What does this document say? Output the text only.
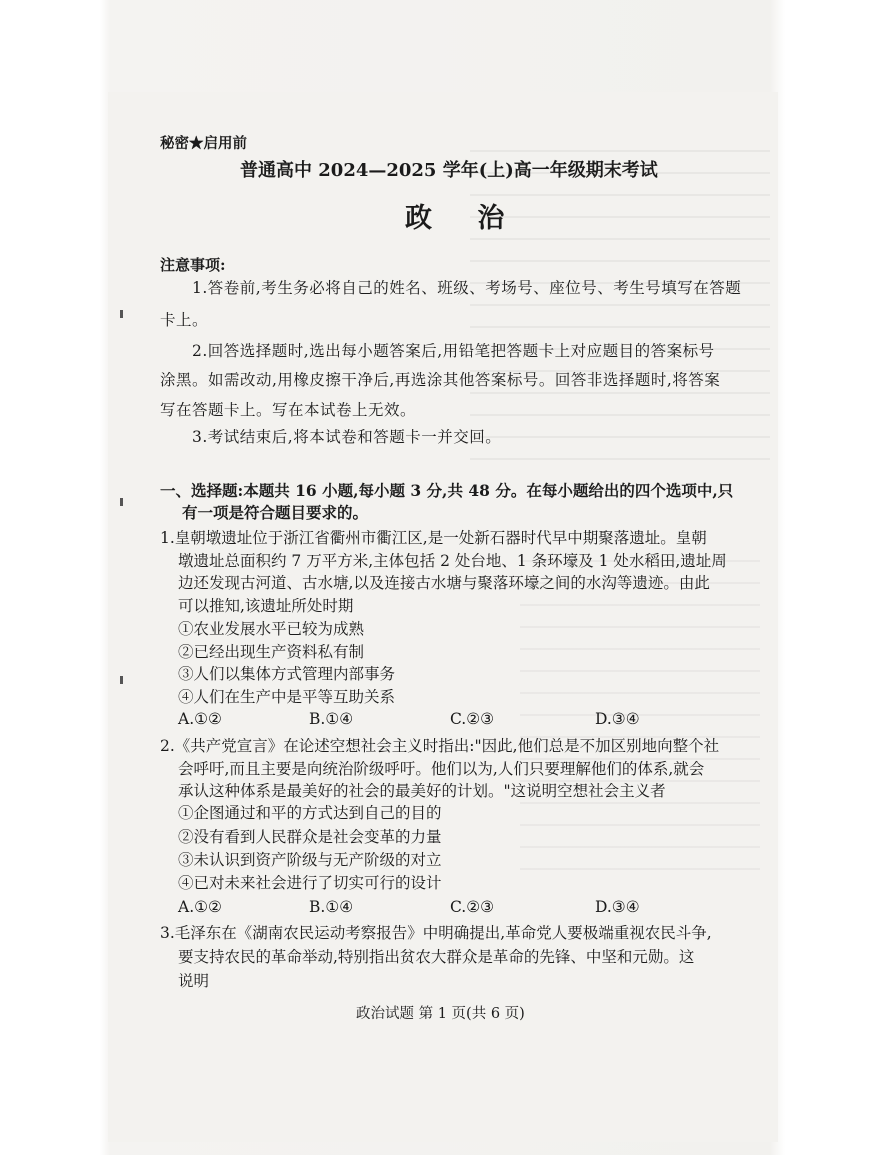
秘密★启用前
普通高中 2024—2025 学年(上)高一年级期末考试
政 治
注意事项:
1.答卷前,考生务必将自己的姓名、班级、考场号、座位号、考生号填写在答题
卡上。
2.回答选择题时,选出每小题答案后,用铅笔把答题卡上对应题目的答案标号
涂黑。如需改动,用橡皮擦干净后,再选涂其他答案标号。回答非选择题时,将答案
写在答题卡上。写在本试卷上无效。
3.考试结束后,将本试卷和答题卡一并交回。
一、选择题:本题共 16 小题,每小题 3 分,共 48 分。在每小题给出的四个选项中,只
有一项是符合题目要求的。
1.皇朝墩遗址位于浙江省衢州市衢江区,是一处新石器时代早中期聚落遗址。皇朝
墩遗址总面积约 7 万平方米,主体包括 2 处台地、1 条环壕及 1 处水稻田,遗址周
边还发现古河道、古水塘,以及连接古水塘与聚落环壕之间的水沟等遗迹。由此
可以推知,该遗址所处时期
①农业发展水平已较为成熟
②已经出现生产资料私有制
③人们以集体方式管理内部事务
④人们在生产中是平等互助关系
A.①②	B.①④	C.②③	D.③④
2.《共产党宣言》在论述空想社会主义时指出:"因此,他们总是不加区别地向整个社
会呼吁,而且主要是向统治阶级呼吁。他们以为,人们只要理解他们的体系,就会
承认这种体系是最美好的社会的最美好的计划。"这说明空想社会主义者
①企图通过和平的方式达到自己的目的
②没有看到人民群众是社会变革的力量
③未认识到资产阶级与无产阶级的对立
④已对未来社会进行了切实可行的设计
A.①②	B.①④	C.②③	D.③④
3.毛泽东在《湖南农民运动考察报告》中明确提出,革命党人要极端重视农民斗争,
要支持农民的革命举动,特别指出贫农大群众是革命的先锋、中坚和元勋。这
说明
政治试题 第 1 页(共 6 页)
